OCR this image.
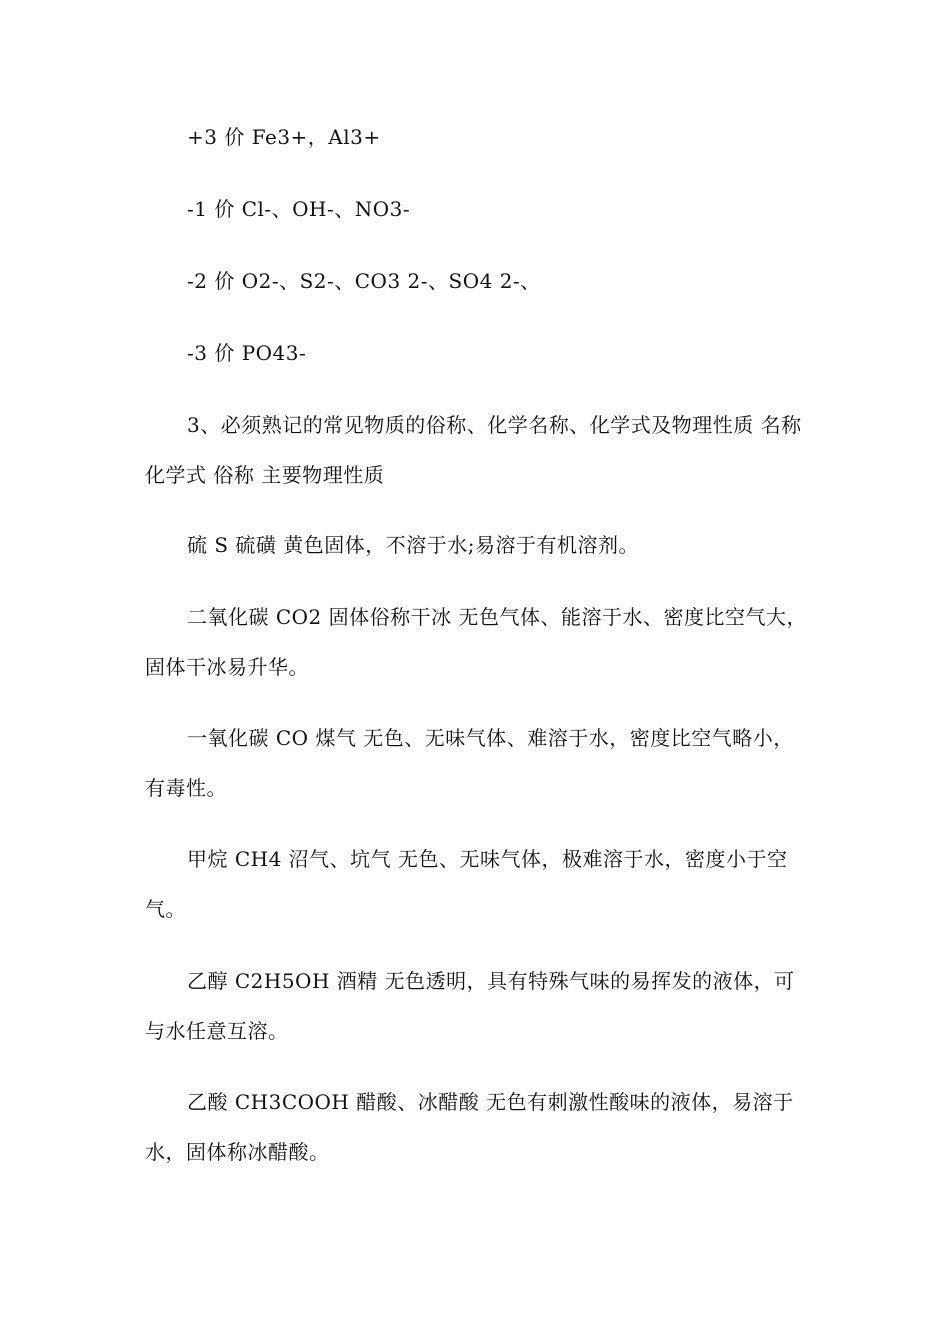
+3 价 Fe3+，Al3+

-1 价 Cl-、OH-、NO3-

-2 价 O2-、S2-、CO3 2-、SO4 2-、

-3 价 PO43-

3、必须熟记的常见物质的俗称、化学名称、化学式及物理性质 名称 化学式 俗称 主要物理性质

硫 S 硫磺 黄色固体，不溶于水;易溶于有机溶剂。

二氧化碳 CO2 固体俗称干冰 无色气体、能溶于水、密度比空气大，固体干冰易升华。

一氧化碳 CO 煤气 无色、无味气体、难溶于水，密度比空气略小，有毒性。

甲烷 CH4 沼气、坑气 无色、无味气体，极难溶于水，密度小于空气。

乙醇 C2H5OH 酒精 无色透明，具有特殊气味的易挥发的液体，可与水任意互溶。

乙酸 CH3COOH 醋酸、冰醋酸 无色有刺激性酸味的液体，易溶于水，固体称冰醋酸。
